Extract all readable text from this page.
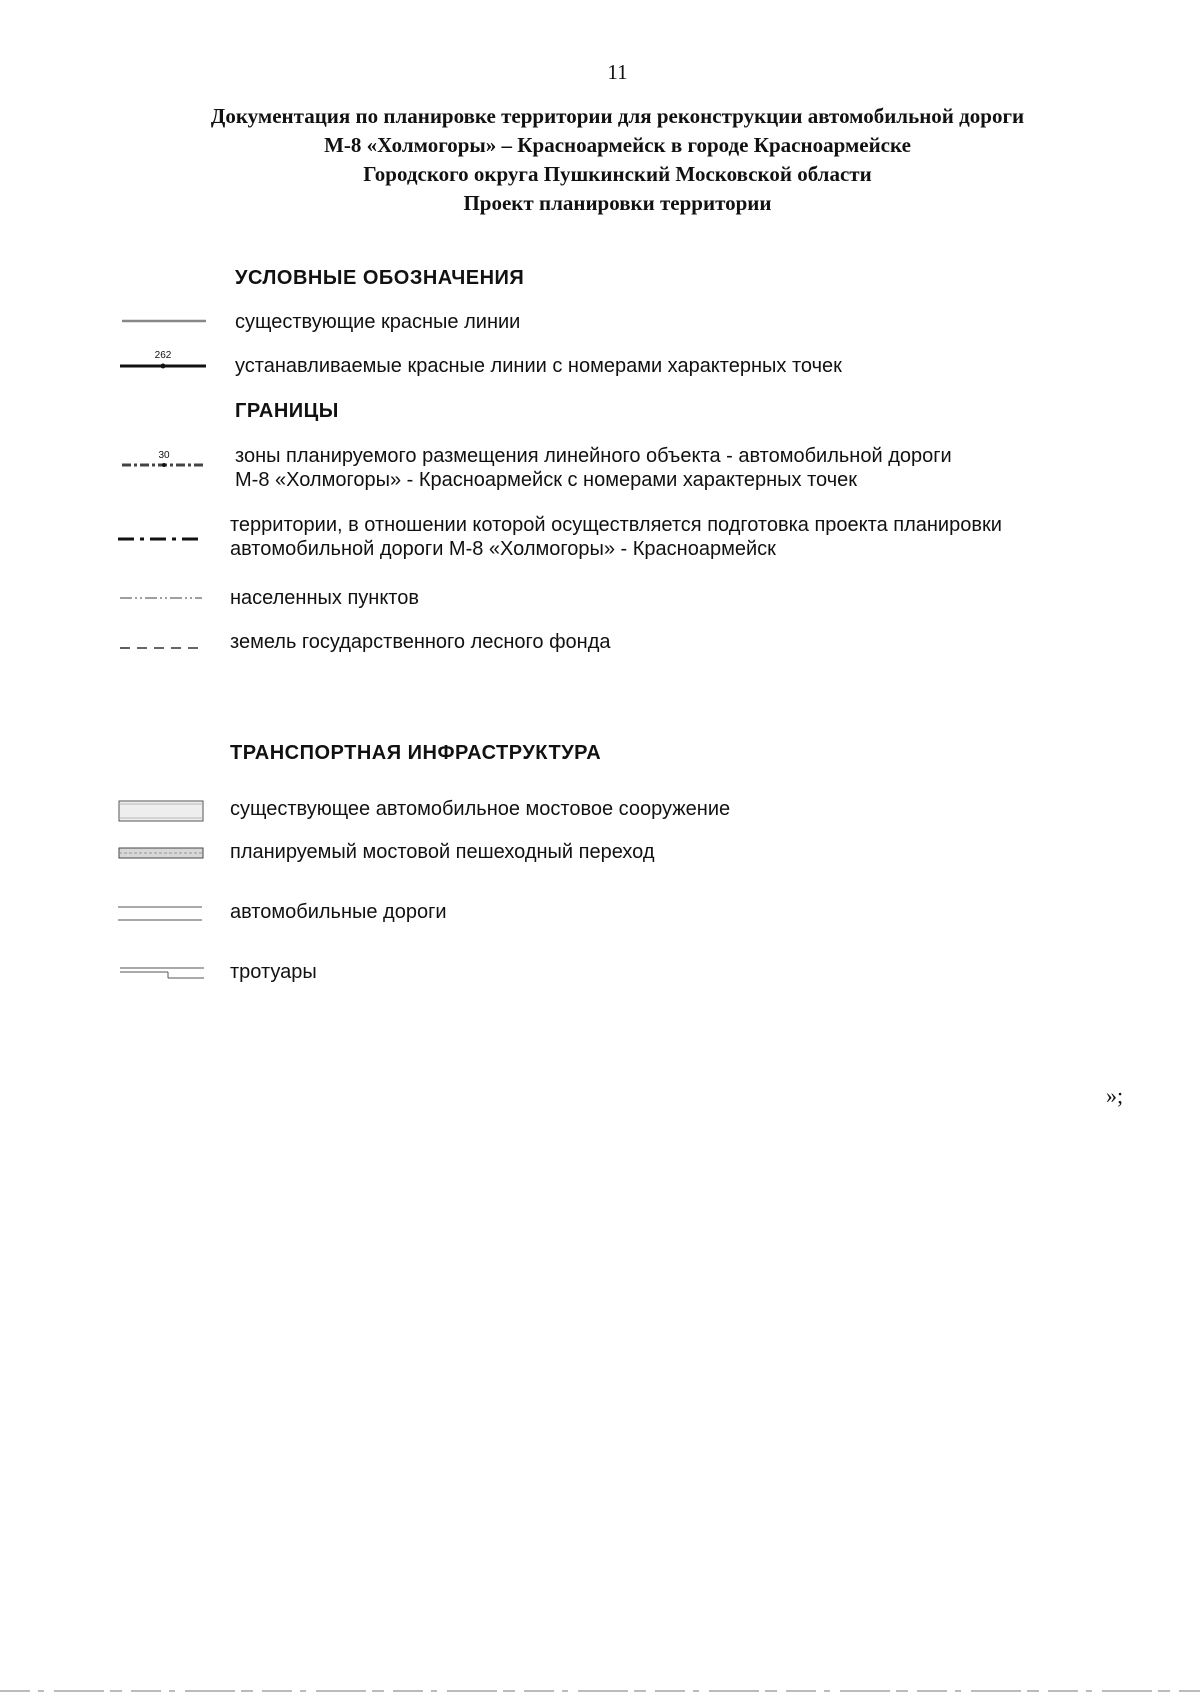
11
Документация по планировке территории для реконструкции автомобильной дороги
М-8 «Холмогоры» – Красноармейск в городе Красноармейске
Городского округа Пушкинский Московской области
Проект планировки территории
УСЛОВНЫЕ ОБОЗНАЧЕНИЯ
существующие красные линии
262	устанавливаемые красные линии с номерами характерных точек
ГРАНИЦЫ
30	зоны планируемого размещения линейного объекта - автомобильной дороги
М-8 «Холмогоры» - Красноармейск с номерами характерных точек
территории, в отношении которой осуществляется подготовка проекта планировки
автомобильной дороги М-8 «Холмогоры» - Красноармейск
населенных пунктов
земель государственного лесного фонда
ТРАНСПОРТНАЯ ИНФРАСТРУКТУРА
существующее автомобильное мостовое сооружение
планируемый мостовой пешеходный переход
автомобильные дороги
тротуары
»;
